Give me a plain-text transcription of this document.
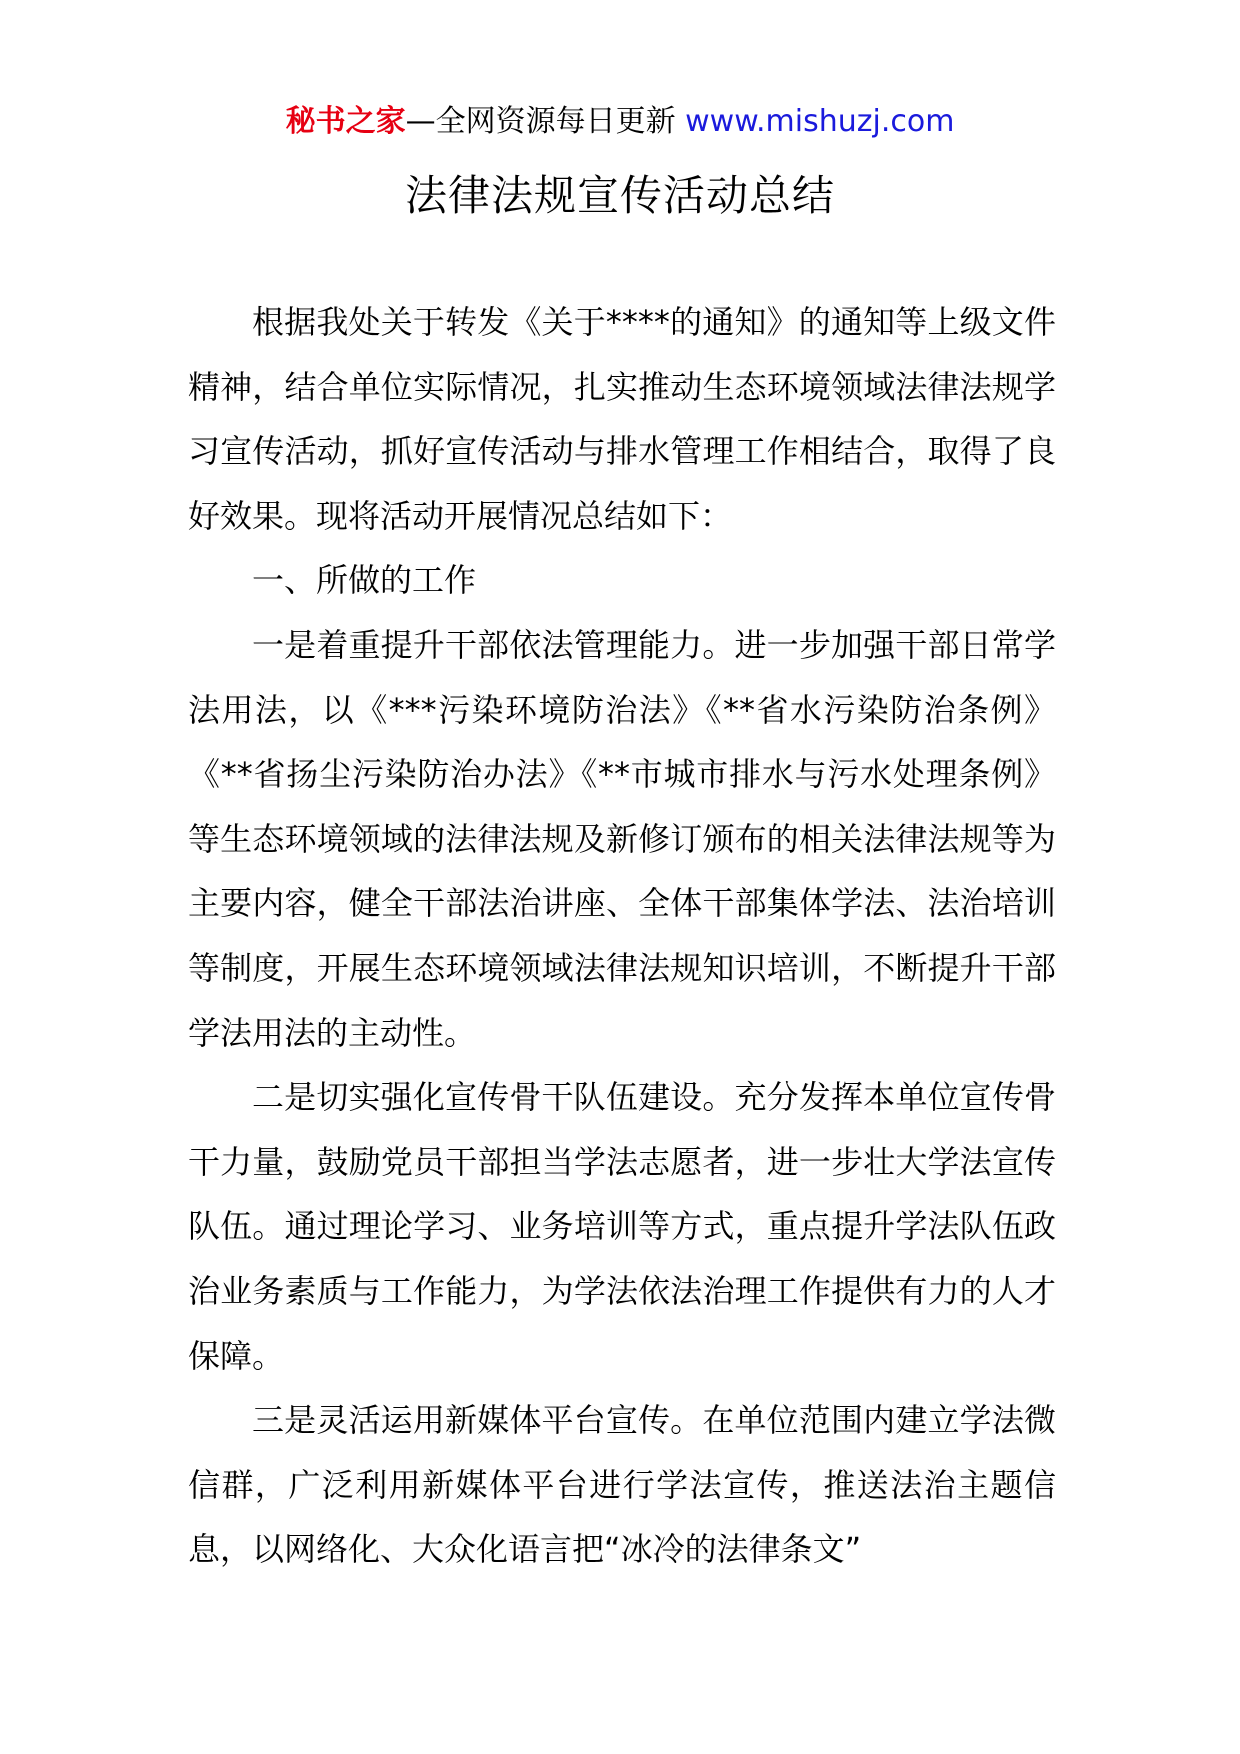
秘书之家—全网资源每日更新 www.mishuzj.com
法律法规宣传活动总结

根据我处关于转发《关于****的通知》的通知等上级文件精神，结合单位实际情况，扎实推动生态环境领域法律法规学习宣传活动，抓好宣传活动与排水管理工作相结合，取得了良好效果。现将活动开展情况总结如下：

一、所做的工作

一是着重提升干部依法管理能力。进一步加强干部日常学法用法，以《***污染环境防治法》《**省水污染防治条例》《**省扬尘污染防治办法》《**市城市排水与污水处理条例》等生态环境领域的法律法规及新修订颁布的相关法律法规等为主要内容，健全干部法治讲座、全体干部集体学法、法治培训等制度，开展生态环境领域法律法规知识培训，不断提升干部学法用法的主动性。

二是切实强化宣传骨干队伍建设。充分发挥本单位宣传骨干力量，鼓励党员干部担当学法志愿者，进一步壮大学法宣传队伍。通过理论学习、业务培训等方式，重点提升学法队伍政治业务素质与工作能力，为学法依法治理工作提供有力的人才保障。

三是灵活运用新媒体平台宣传。在单位范围内建立学法微信群，广泛利用新媒体平台进行学法宣传，推送法治主题信息，以网络化、大众化语言把“冰冷的法律条文”
